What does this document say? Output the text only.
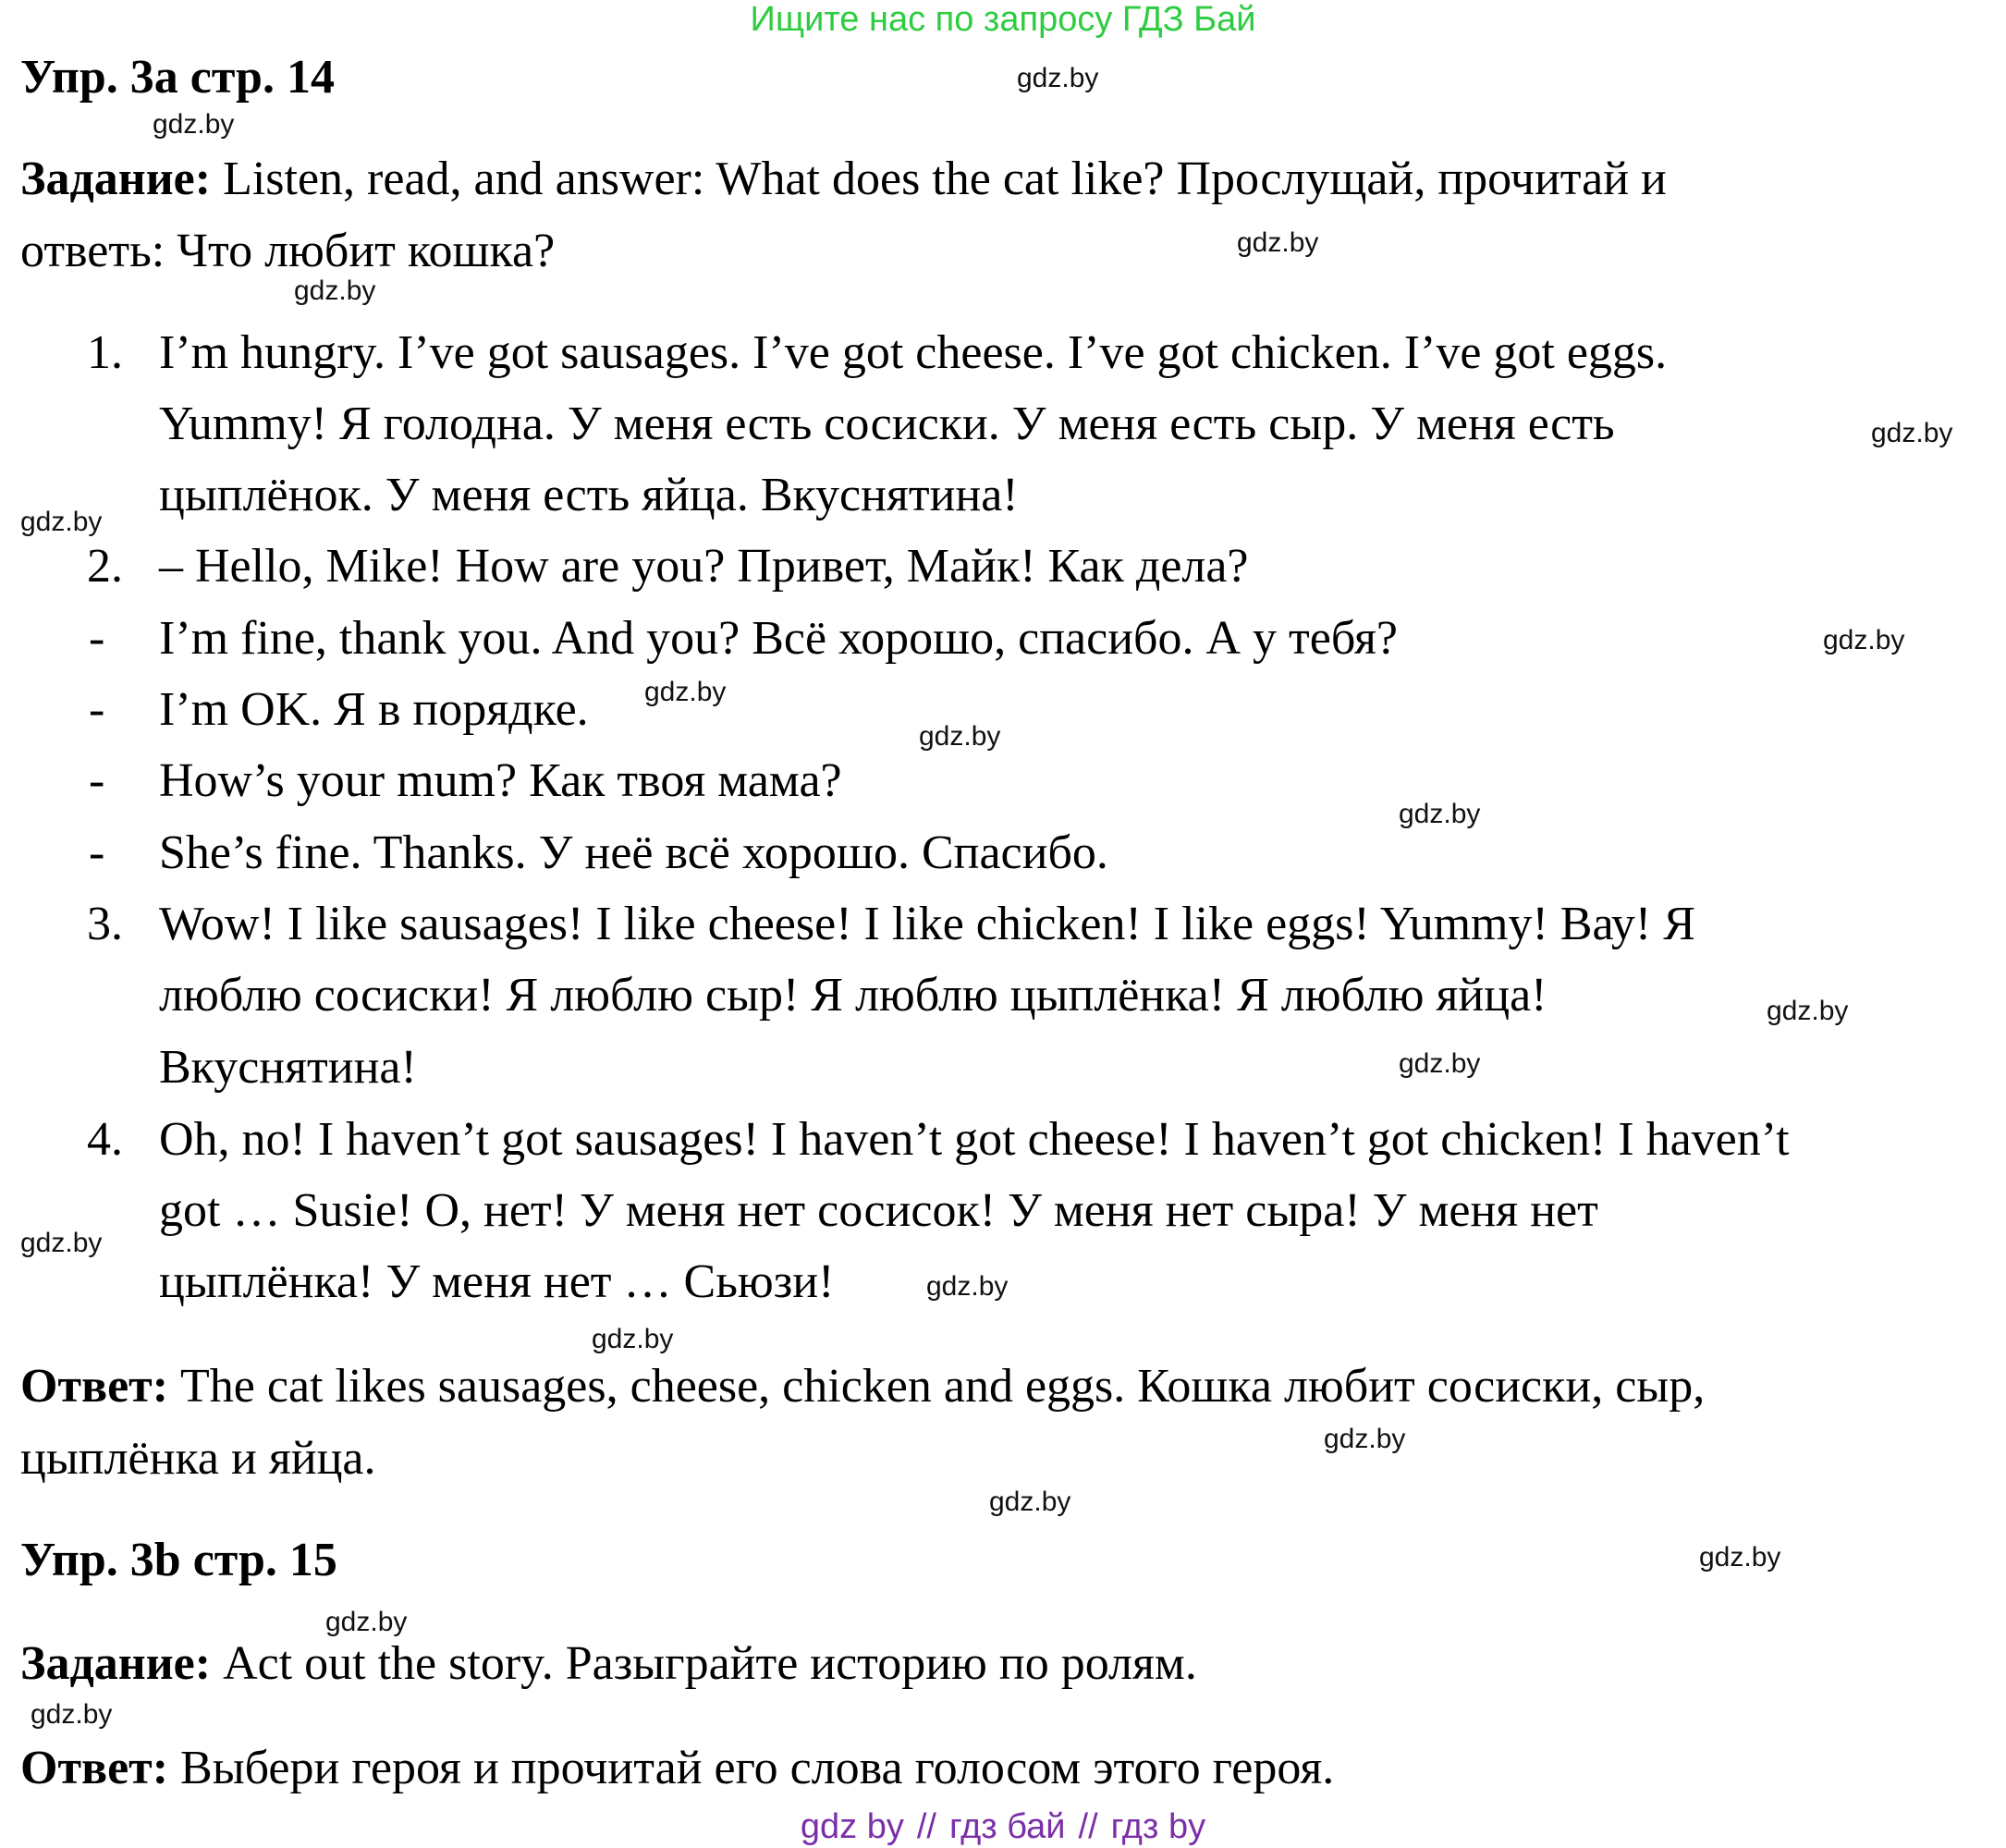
Ищите нас по запросу ГДЗ Бай
Упр. 3a стр. 14
Задание: Listen, read, and answer: What does the cat like? Прослущай, прочитай и
ответь: Что любит кошка?
1. I’m hungry. I’ve got sausages. I’ve got cheese. I’ve got chicken. I’ve got eggs.
Yummy! Я голодна. У меня есть сосиски. У меня есть сыр. У меня есть
цыплёнок. У меня есть яйца. Вкуснятина!
2. – Hello, Mike! How are you? Привет, Майк! Как дела?
- I’m fine, thank you. And you? Всё хорошо, спасибо. А у тебя?
- I’m OK. Я в порядке.
- How’s your mum? Как твоя мама?
- She’s fine. Thanks. У неё всё хорошо. Спасибо.
3. Wow! I like sausages! I like cheese! I like chicken! I like eggs! Yummy! Вау! Я
люблю сосиски! Я люблю сыр! Я люблю цыплёнка! Я люблю яйца!
Вкуснятина!
4. Oh, no! I haven’t got sausages! I haven’t got cheese! I haven’t got chicken! I haven’t
got … Susie! О, нет! У меня нет сосисок! У меня нет сыра! У меня нет
цыплёнка! У меня нет … Сьюзи!
Ответ: The cat likes sausages, cheese, chicken and eggs. Кошка любит сосиски, сыр,
цыплёнка и яйца.
Упр. 3b стр. 15
Задание: Act out the story. Разыграйте историю по ролям.
Ответ: Выбери героя и прочитай его слова голосом этого героя.
gdz.by
gdz.by
gdz.by
gdz.by
gdz.by
gdz.by
gdz.by
gdz.by
gdz.by
gdz.by
gdz.by
gdz.by
gdz.by
gdz.by
gdz.by
gdz.by
gdz.by
gdz.by
gdz.by
gdz.by
gdz by // гдз бай // гдз by
